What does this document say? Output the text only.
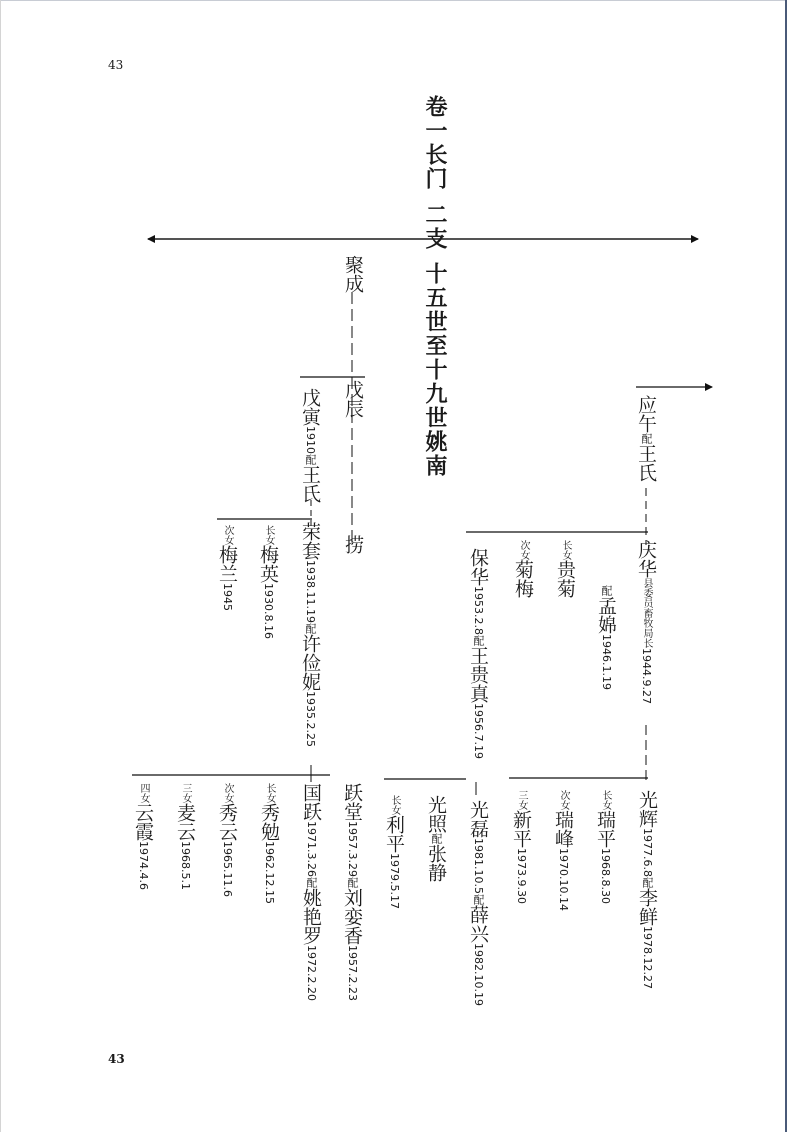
43
43
卷一长门
二支
十五世至十九世姚南
聚成
戊辰
捞
戊寅1910配王氏
荣套1938.11.19配许俭妮1935.2.25
长女梅英1930.8.16
次女梅兰1945
跃堂1957.3.29配刘娈香1957.2.23
国跃1971.3.26配姚艳罗1972.2.20
长女秀勉1962.12.15
次女秀云1965.11.6
三女麦云1968.5.1
四女云霞1974.4.6
应午配王氏
庆华县委员畜牧局长1944.9.27
配孟婂1946.1.19
长女贵菊
次女菊梅
保华1953.2.8配王贵真1956.7.19
光辉1977.6.8配李鲜1978.12.27
长女瑞平1968.8.30
次女瑞峰1970.10.14
三女新平1973.9.30
光磊1981.10.5配薛兴1982.10.19
光照配张静
长女利平1979.5.17
